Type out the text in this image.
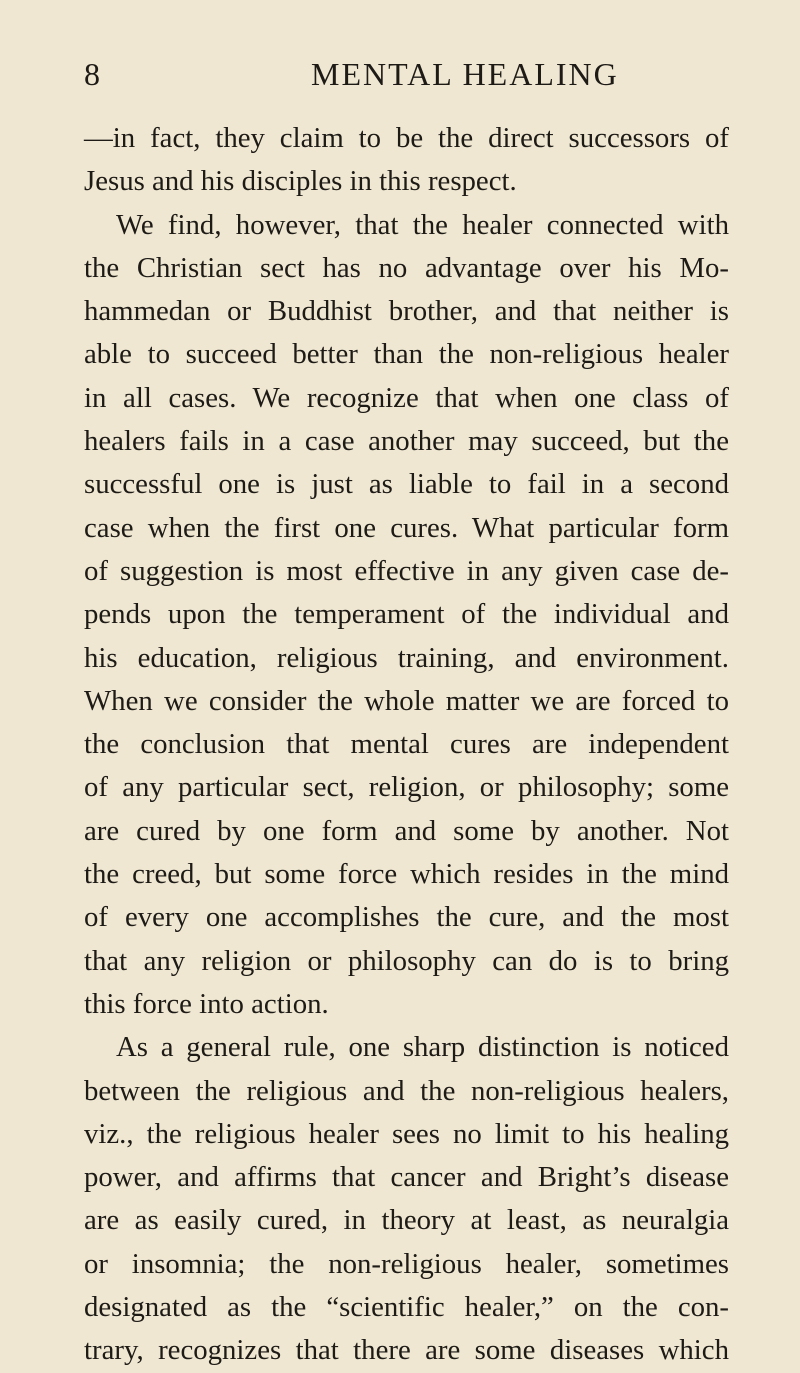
8	MENTAL HEALING
—in fact, they claim to be the direct successors of
Jesus and his disciples in this respect.
We find, however, that the healer connected with
the Christian sect has no advantage over his Mo-
hammedan or Buddhist brother, and that neither is
able to succeed better than the non-religious healer
in all cases. We recognize that when one class of
healers fails in a case another may succeed, but the
successful one is just as liable to fail in a second
case when the first one cures. What particular form
of suggestion is most effective in any given case de-
pends upon the temperament of the individual and
his education, religious training, and environment.
When we consider the whole matter we are forced to
the conclusion that mental cures are independent
of any particular sect, religion, or philosophy; some
are cured by one form and some by another. Not
the creed, but some force which resides in the mind
of every one accomplishes the cure, and the most
that any religion or philosophy can do is to bring
this force into action.
As a general rule, one sharp distinction is noticed
between the religious and the non-religious healers,
viz., the religious healer sees no limit to his healing
power, and affirms that cancer and Bright’s disease
are as easily cured, in theory at least, as neuralgia
or insomnia; the non-religious healer, sometimes
designated as the “scientific healer,” on the con-
trary, recognizes that there are some diseases which
